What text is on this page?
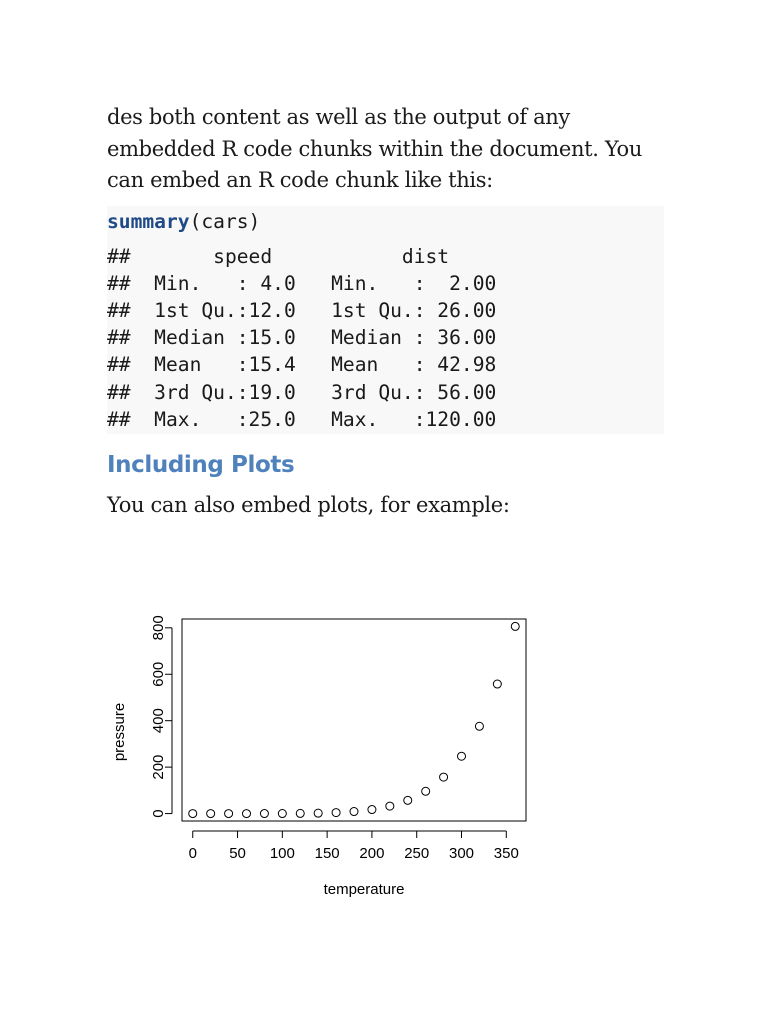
des both content as well as the output of any
embedded R code chunks within the document. You
can embed an R code chunk like this:

summary(cars)
##       speed           dist
##  Min.   : 4.0   Min.   :  2.00
##  1st Qu.:12.0   1st Qu.: 26.00
##  Median :15.0   Median : 36.00
##  Mean   :15.4   Mean   : 42.98
##  3rd Qu.:19.0   3rd Qu.: 56.00
##  Max.   :25.0   Max.   :120.00
Including Plots

You can also embed plots, for example:

0 50 100 150 200 250 300 350
temperature
0
200
400
600
800
pressure
